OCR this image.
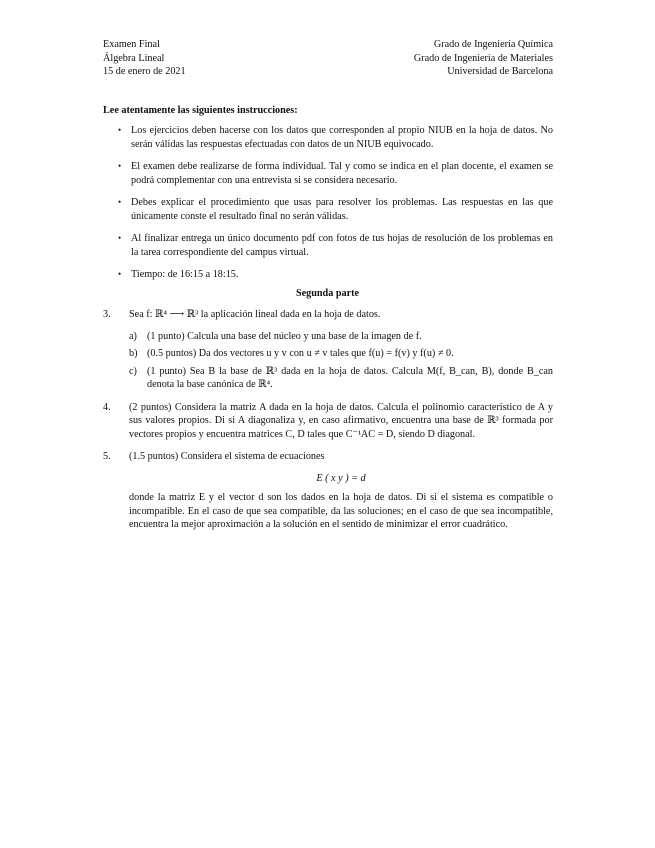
Examen Final
Álgebra Lineal
15 de enero de 2021
Grado de Ingeniería Química
Grado de Ingeniería de Materiales
Universidad de Barcelona
Lee atentamente las siguientes instrucciones:
• Los ejercicios deben hacerse con los datos que corresponden al propio NIUB en la hoja de datos. No serán válidas las respuestas efectuadas con datos de un NIUB equivocado.
• El examen debe realizarse de forma individual. Tal y como se indica en el plan docente, el examen se podrá complementar con una entrevista si se considera necesario.
• Debes explicar el procedimiento que usas para resolver los problemas. Las respuestas en las que únicamente conste el resultado final no serán válidas.
• Al finalizar entrega un único documento pdf con fotos de tus hojas de resolución de los problemas en la tarea correspondiente del campus virtual.
• Tiempo: de 16:15 a 18:15.
Segunda parte
3. Sea f: ℝ⁴ ⟶ ℝ³ la aplicación lineal dada en la hoja de datos.
a) (1 punto) Calcula una base del núcleo y una base de la imagen de f.
b) (0.5 puntos) Da dos vectores u y v con u ≠ v tales que f(u) = f(v) y f(u) ≠ 0.
c) (1 punto) Sea B la base de ℝ³ dada en la hoja de datos. Calcula M(f, B_can, B), donde B_can denota la base canónica de ℝ⁴.
4. (2 puntos) Considera la matriz A dada en la hoja de datos. Calcula el polinomio característico de A y sus valores propios. Di si A diagonaliza y, en caso afirmativo, encuentra una base de ℝ³ formada por vectores propios y encuentra matrices C, D tales que C⁻¹AC = D, siendo D diagonal.
5. (1.5 puntos) Considera el sistema de ecuaciones
E ( x y ) = d
donde la matriz E y el vector d son los dados en la hoja de datos. Di si el sistema es compatible o incompatible. En el caso de que sea compatible, da las soluciones; en el caso de que sea incompatible, encuentra la mejor aproximación a la solución en el sentido de minimizar el error cuadrático.
